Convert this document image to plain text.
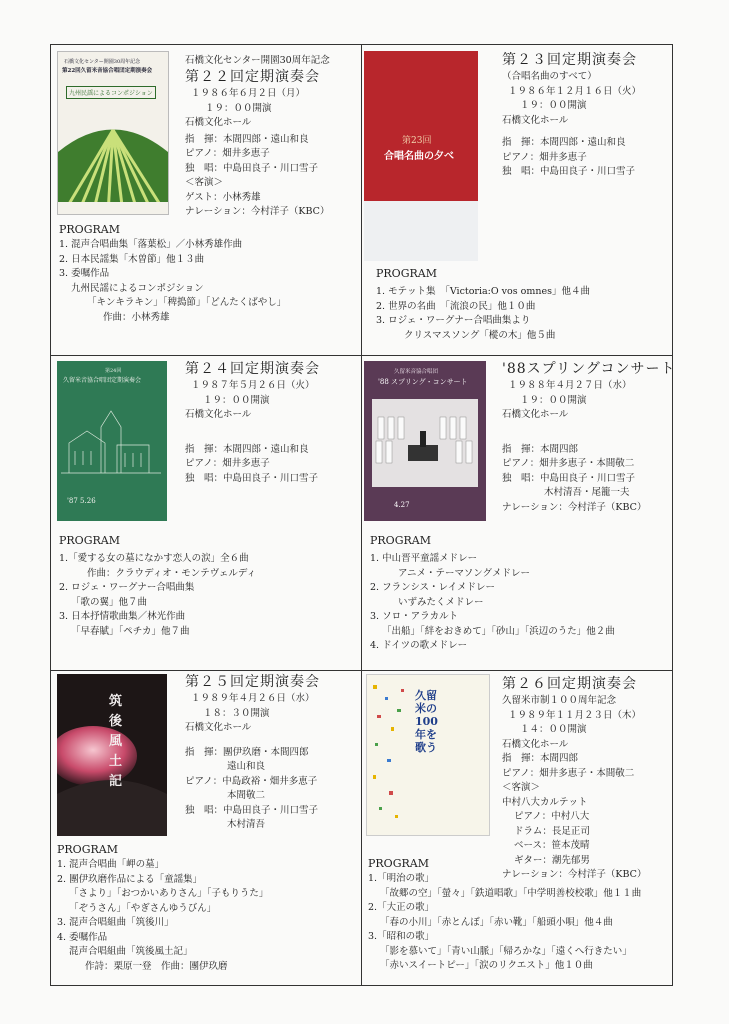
石橋文化センター開園30周年記念
第22回久留米音協合唱団定期演奏会
九州民謡によるコンポジション
石橋文化センター開園30周年記念
第２２回定期演奏会
１９８６年６月２日（月）
１９：００開演
石橋文化ホール
指　揮：本間四郎・遠山和良
ピアノ：畑井多恵子
独　唱：中島田良子・川口雪子
＜客演＞
ゲスト：小林秀雄
ナレーション：今村洋子（KBC）
PROGRAM
1. 混声合唱曲集「落葉松」／小林秀雄作曲
2. 日本民謡集「木曽節」他１３曲
3. 委嘱作品
九州民謡によるコンポジション
「キンキラキン」「稗搗節」「どんたくばやし」
作曲：小林秀雄
第23回
合唱名曲の夕べ
第２３回定期演奏会
（合唱名曲のすべて）
１９８６年１２月１６日（火）
１９：００開演
石橋文化ホール
指　揮：本間四郎・遠山和良
ピアノ：畑井多恵子
独　唱：中島田良子・川口雪子
PROGRAM
1. モテット集　「Victoria:O vos omnes」他４曲
2. 世界の名曲　「流浪の民」他１０曲
3. ロジェ・ワーグナー合唱曲集より
クリスマスソング「樅の木」他５曲
第24回
久留米音協合唱団定期演奏会
'87 5.26
第２４回定期演奏会
１９８７年５月２６日（火）
１９：００開演
石橋文化ホール
指　揮：本間四郎・遠山和良
ピアノ：畑井多恵子
独　唱：中島田良子・川口雪子
PROGRAM
1.「愛する女の墓になかす恋人の涙」全６曲
作曲：クラウディオ・モンテヴェルディ
2. ロジェ・ワーグナー合唱曲集
「歌の翼」他７曲
3. 日本抒情歌曲集／林光作曲
「早春賦」「ペチカ」他７曲
久留米音協合唱団
'88 スプリング・コンサート
4.27
'88スプリングコンサート
１９８８年４月２７日（水）
１９：００開演
石橋文化ホール
指　揮：本間四郎
ピアノ：畑井多恵子・本間敬二
独　唱：中島田良子・川口雪子
木村清吾・尾籠一夫
ナレーション：今村洋子（KBC）
PROGRAM
1. 中山晋平童謡メドレー
アニメ・テーマソングメドレー
2. フランシス・レイメドレー
いずみたくメドレー
3. ソロ・アラカルト
「出船」「絆をおきめて」「砂山」「浜辺のうた」他２曲
4. ドイツの歌メドレー
筑後風土記
第２５回定期演奏会
１９８９年４月２６日（水）
１８：３０開演
石橋文化ホール
指　揮：團伊玖磨・本間四郎
遠山和良
ピアノ：中島政裕・畑井多恵子
本間敬二
独　唱：中島田良子・川口雪子
木村清吾
PROGRAM
1. 混声合唱曲「岬の墓」
2. 團伊玖磨作品による「童謡集」
「さより」「おつかいありさん」「子もりうた」
「ぞうさん」「やぎさんゆうびん」
3. 混声合唱組曲「筑後川」
4. 委嘱作品
混声合唱組曲「筑後風土記」
作詩：栗原一登　作曲：團伊玖磨
久留米の100年を歌う
第２６回定期演奏会
久留米市制１００周年記念
１９８９年１１月２３日（木）
１４：００開演
石橋文化ホール
指　揮：本間四郎
ピアノ：畑井多恵子・本間敬二
＜客演＞
中村八大カルテット
ピアノ：中村八大
ドラム：長足正司
ベース：笹本茂晴
ギター：潮先郁男
ナレーション：今村洋子（KBC）
PROGRAM
1.「明治の歌」
「故郷の空」「螢々」「鉄道唱歌」「中学明善校校歌」他１１曲
2.「大正の歌」
「春の小川」「赤とんぼ」「赤い靴」「船頭小唄」他４曲
3.「昭和の歌」
「影を慕いて」「青い山脈」「帰ろかな」「遠くへ行きたい」
「赤いスイートピー」「涙のリクエスト」他１０曲
